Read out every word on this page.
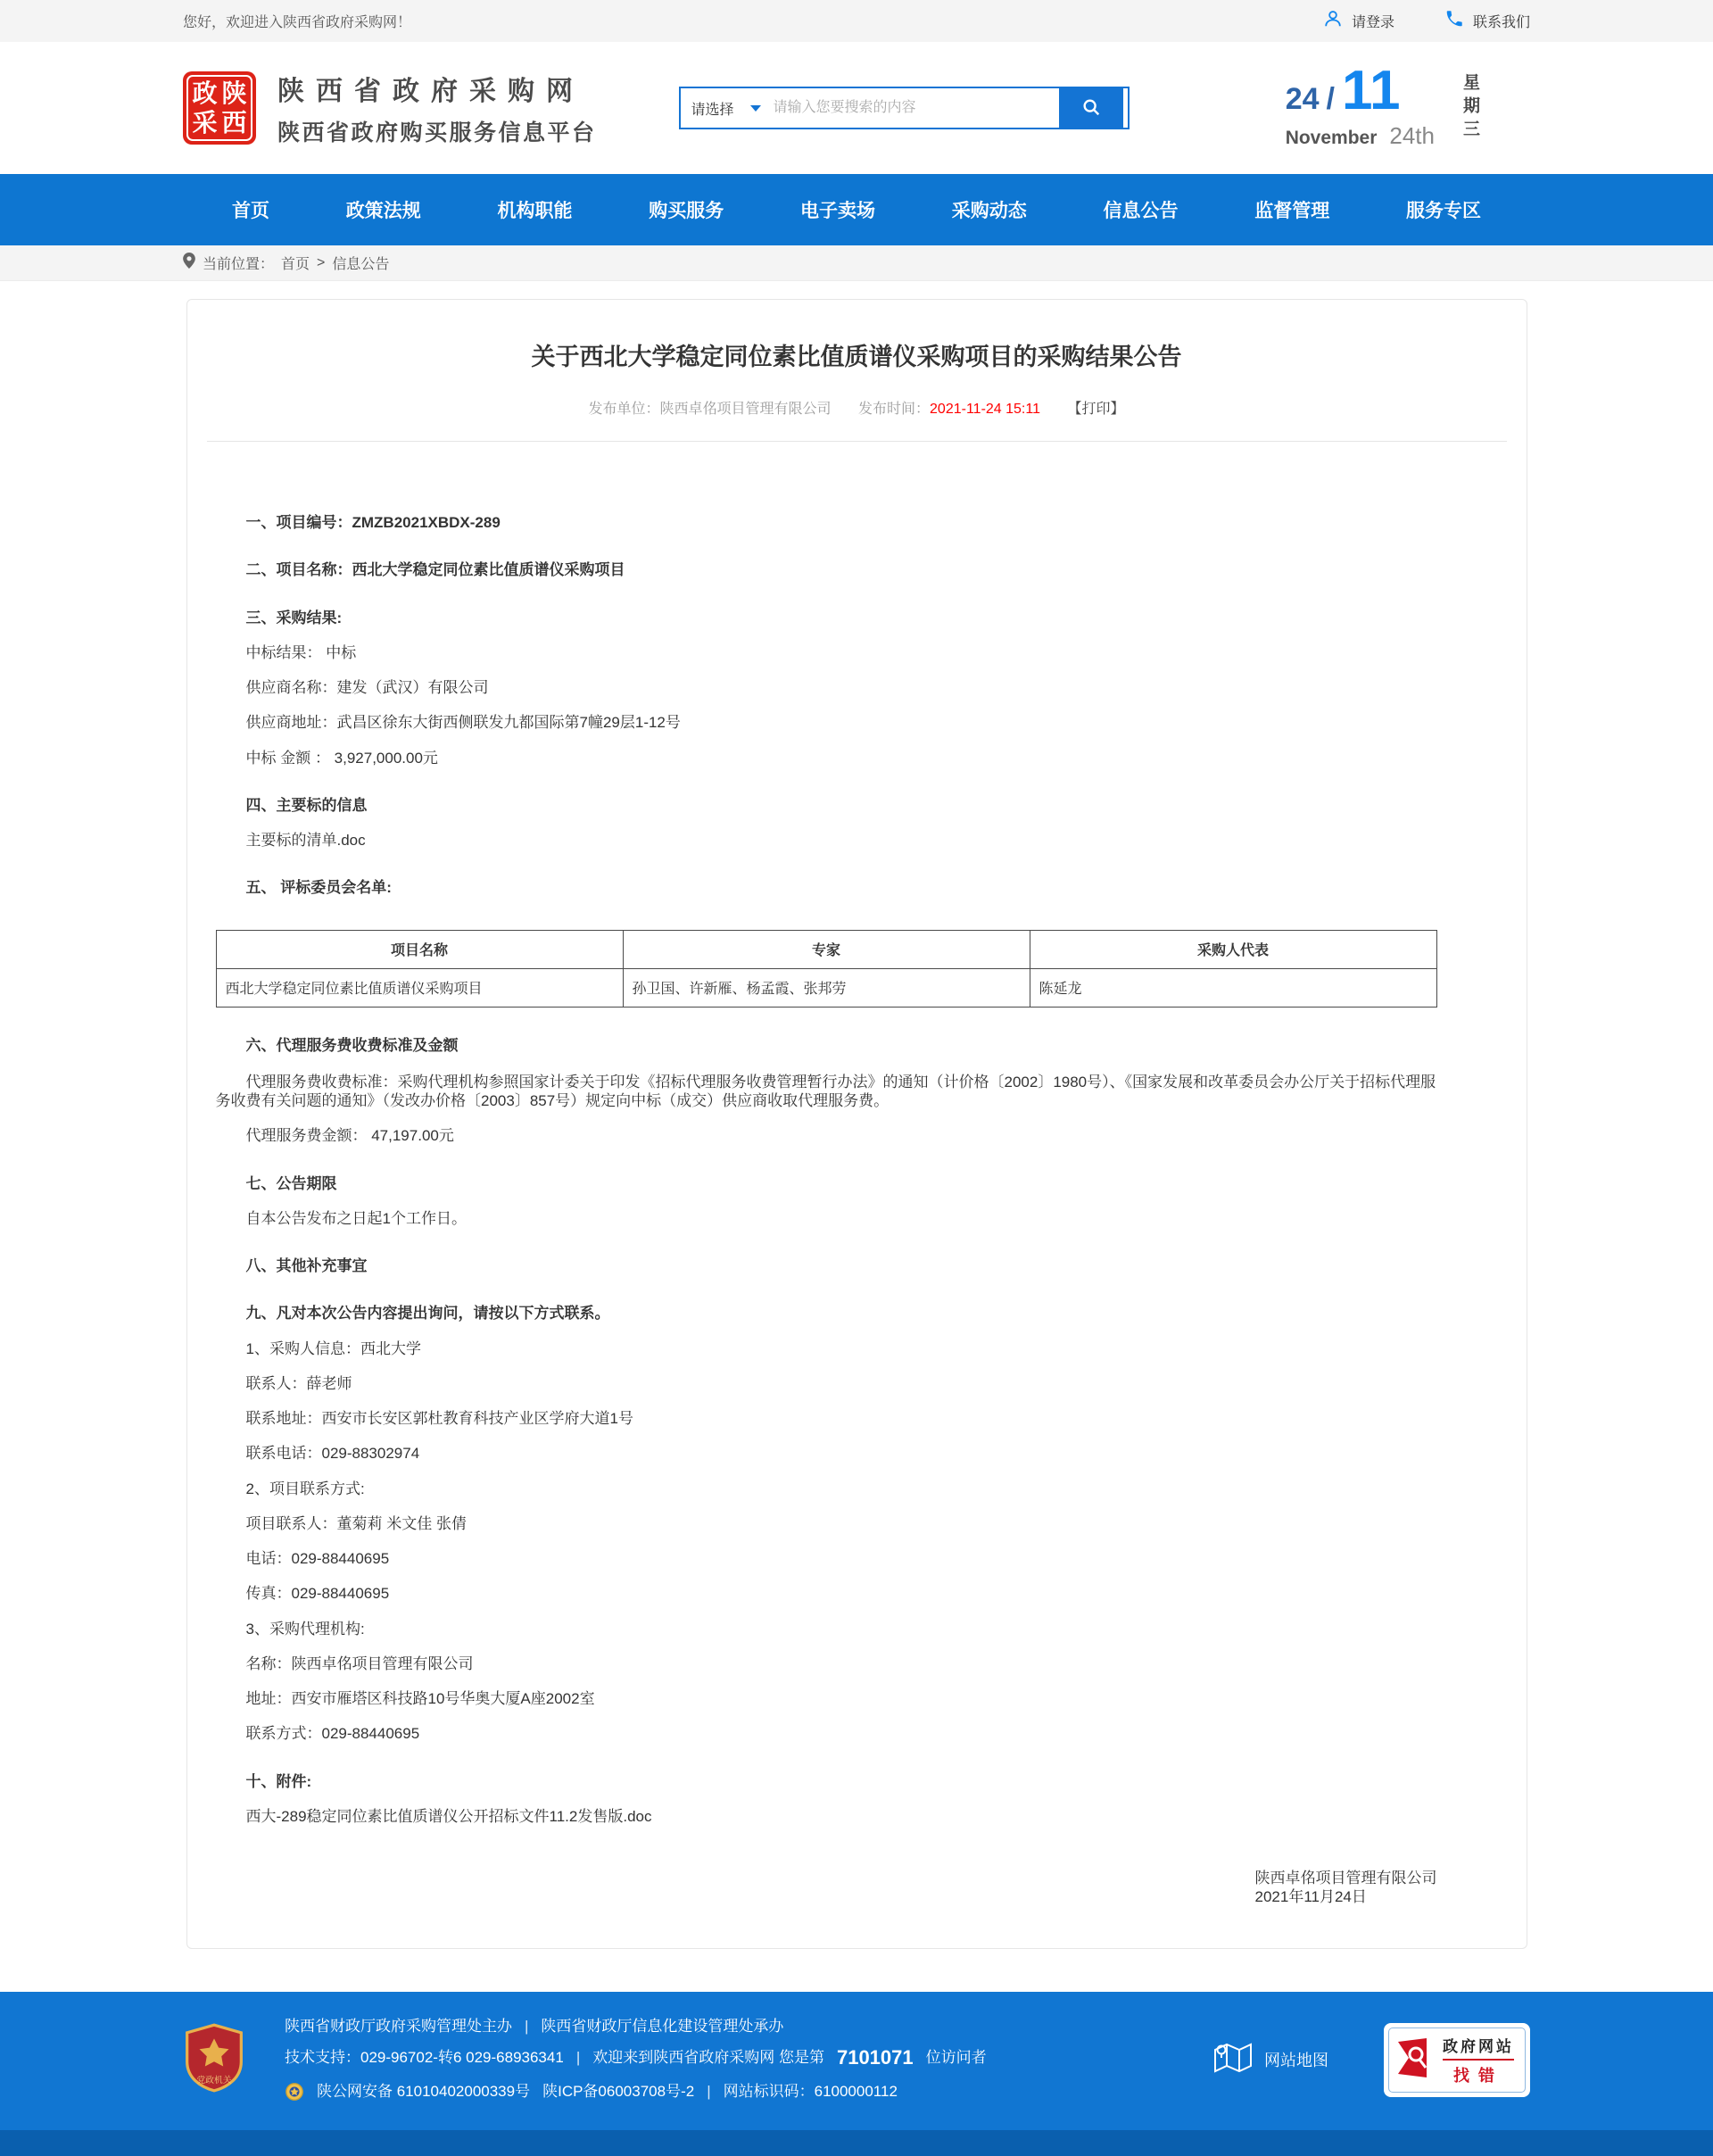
您好，欢迎进入陕西省政府采购网！	请登录	联系我们
政 陕
采 西
陕西省政府采购网
陕西省政府购买服务信息平台
请选择
请输入您要搜索的内容	24 / 11
November 24th 星期三
首页	政策法规	机构职能	购买服务	电子卖场	采购动态	信息公告	监督管理	服务专区
当前位置： 首页 > 信息公告
关于西北大学稳定同位素比值质谱仪采购项目的采购结果公告
发布单位：陕西卓佲项目管理有限公司 发布时间：2021-11-24 15:11 【打印】
一、项目编号：ZMZB2021XBDX-289
二、项目名称：西北大学稳定同位素比值质谱仪采购项目
三、采购结果:
中标结果： 中标
供应商名称：建发（武汉）有限公司
供应商地址：武昌区徐东大街西侧联发九都国际第7幢29层1-12号
中标 金额 ： 3,927,000.00元
四、主要标的信息
主要标的清单.doc
五、 评标委员会名单:
项目名称	专家	采购人代表
西北大学稳定同位素比值质谱仪采购项目	孙卫国、许新雁、杨孟霞、张邦劳	陈延龙
六、代理服务费收费标准及金额
代理服务费收费标准：采购代理机构参照国家计委关于印发《招标代理服务收费管理暂行办法》的通知（计价格〔2002〕1980号）、《国家发展和改革委员会办公厅关于招标代理服务收费有关问题的通知》（发改办价格〔2003〕857号）规定向中标（成交）供应商收取代理服务费。
代理服务费金额： 47,197.00元
七、公告期限
自本公告发布之日起1个工作日。
八、其他补充事宜
九、凡对本次公告内容提出询问，请按以下方式联系。
1、采购人信息：西北大学
联系人：薛老师
联系地址：西安市长安区郭杜教育科技产业区学府大道1号
联系电话：029-88302974
2、项目联系方式:
项目联系人：董菊莉 米文佳 张倩
电话：029-88440695
传真：029-88440695
3、采购代理机构:
名称：陕西卓佲项目管理有限公司
地址：西安市雁塔区科技路10号华奥大厦A座2002室
联系方式：029-88440695
十、附件:
西大-289稳定同位素比值质谱仪公开招标文件11.2发售版.doc
陕西卓佲项目管理有限公司
2021年11月24日
党政机关
陕西省财政厅政府采购管理处主办 | 陕西省财政厅信息化建设管理处承办
技术支持：029-96702-转6 029-68936341 | 欢迎来到陕西省政府采购网 您是第 7101071 位访问者
陕公网安备 61010402000339号 陕ICP备06003708号-2 | 网站标识码：6100000112
网站地图
政府网站
找错
